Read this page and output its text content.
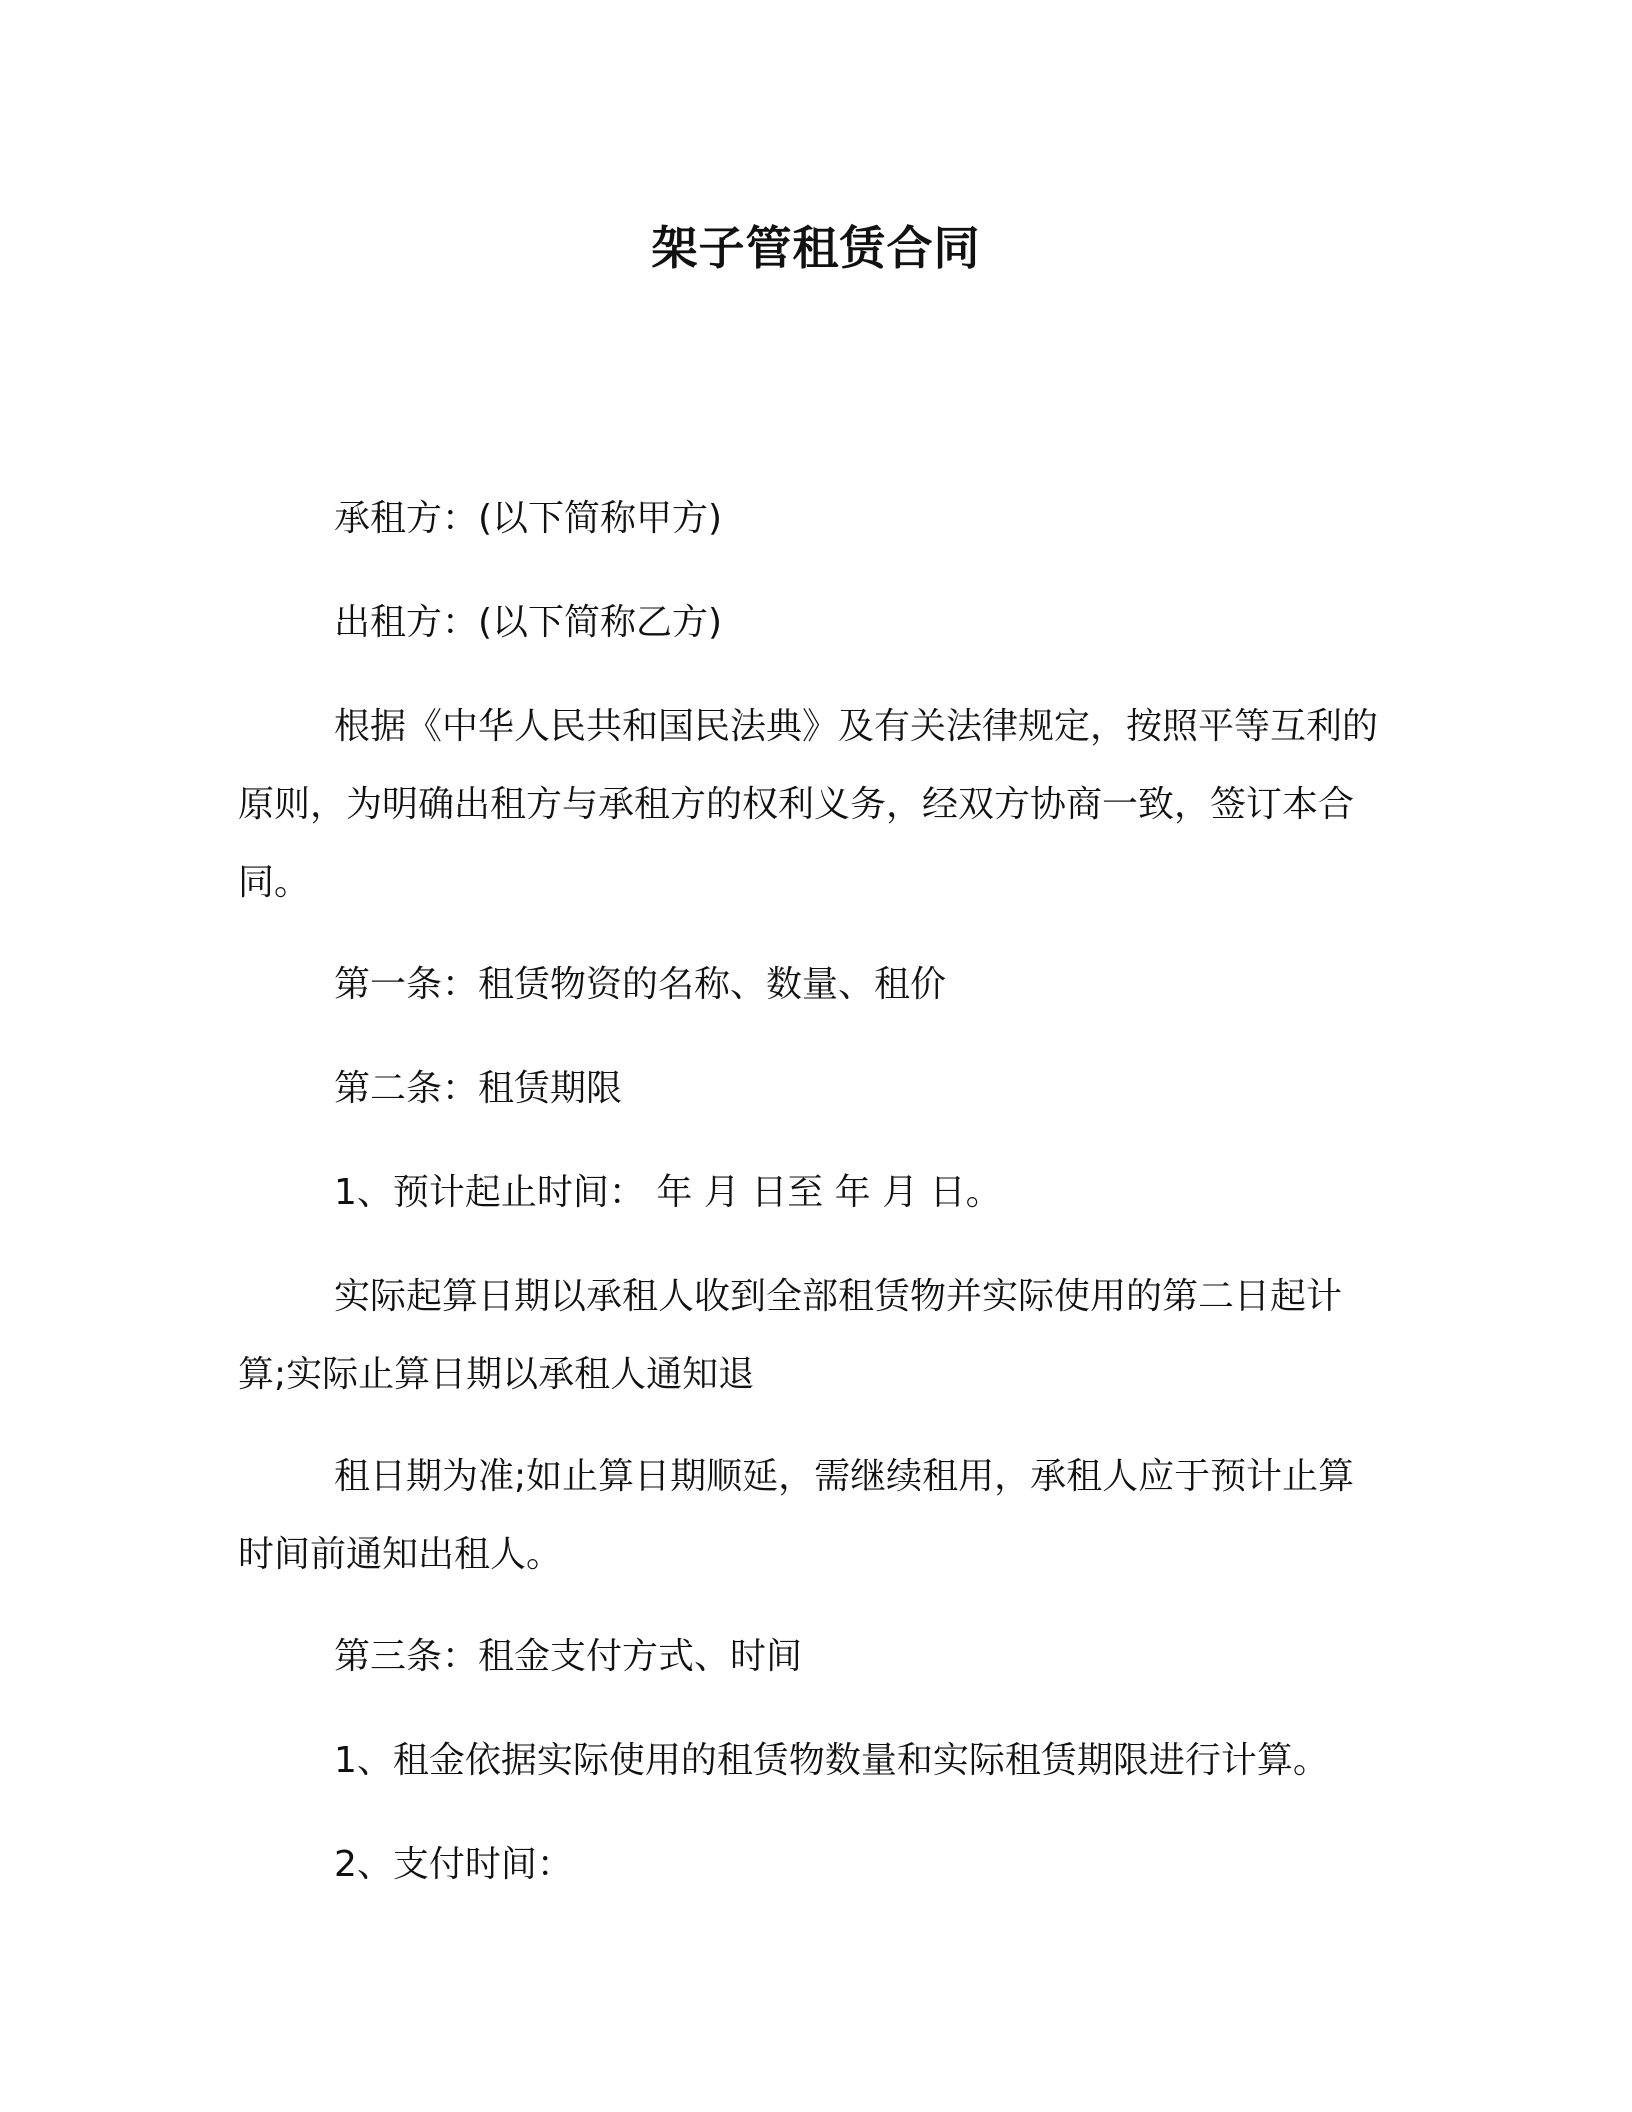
架子管租赁合同
承租方：(以下简称甲方)
出租方：(以下简称乙方)
根据《中华人民共和国民法典》及有关法律规定，按照平等互利的原则，为明确出租方与承租方的权利义务，经双方协商一致，签订本合同。
第一条：租赁物资的名称、数量、租价
第二条：租赁期限
1、预计起止时间： 年 月 日至 年 月 日。
实际起算日期以承租人收到全部租赁物并实际使用的第二日起计算;实际止算日期以承租人通知退
租日期为准;如止算日期顺延，需继续租用，承租人应于预计止算时间前通知出租人。
第三条：租金支付方式、时间
1、租金依据实际使用的租赁物数量和实际租赁期限进行计算。
2、支付时间：
